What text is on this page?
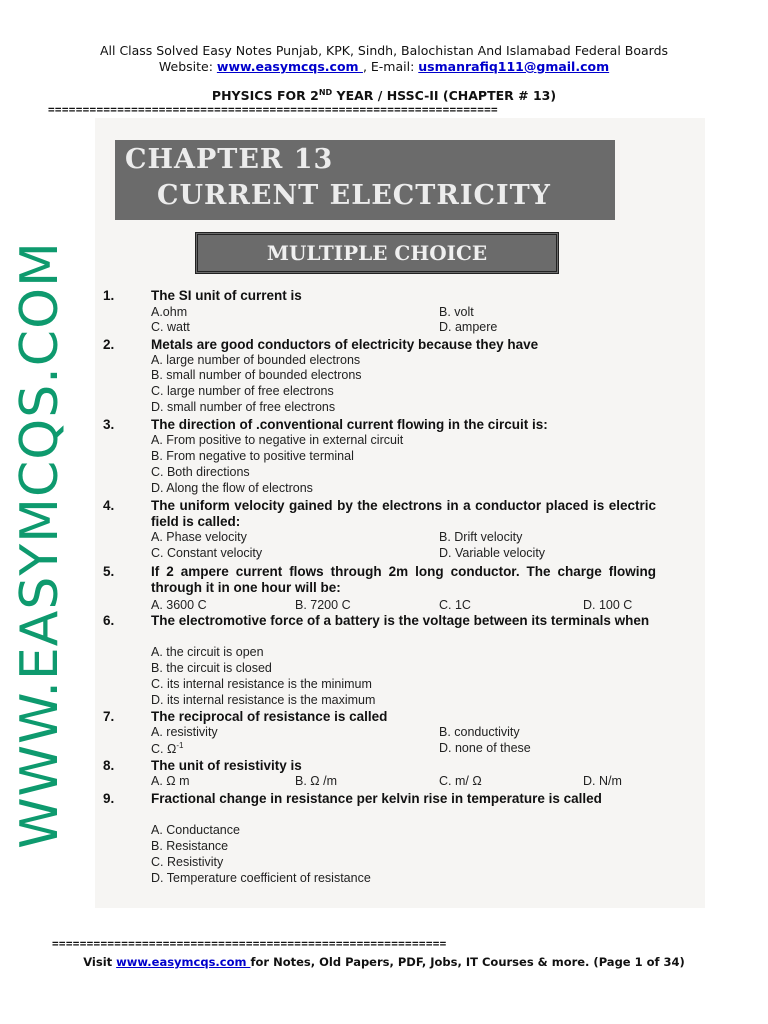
All Class Solved Easy Notes Punjab, KPK, Sindh, Balochistan And Islamabad Federal Boards
Website: www.easymcqs.com , E-mail: usmanrafiq111@gmail.com
PHYSICS FOR 2ND YEAR / HSSC-II (CHAPTER # 13)
=================================================================
CHAPTER 13
CURRENT ELECTRICITY
MULTIPLE CHOICE
WWW.EASYMCQS.COM 1.	The SI unit of current is
A.ohm	B. volt
C. watt	D. ampere
2.	Metals are good conductors of electricity because they have
A. large number of bounded electrons
B. small number of bounded electrons
C. large number of free electrons
D. small number of free electrons
3.	The direction of .conventional current flowing in the circuit is:
A. From positive to negative in external circuit
B. From negative to positive terminal
C. Both directions
D. Along the flow of electrons
4.	The uniform velocity gained by the electrons in a conductor placed is electric field is called:
A. Phase velocity	B. Drift velocity
C. Constant velocity	D. Variable velocity
5.	If 2 ampere current flows through 2m long conductor. The charge flowing through it in one hour will be:
A. 3600 C	B. 7200 C	C. 1C	D. 100 C
6.	The electromotive force of a battery is the voltage between its terminals when
A. the circuit is open
B. the circuit is closed
C. its internal resistance is the minimum
D. its internal resistance is the maximum
7.	The reciprocal of resistance is called
A. resistivity	B. conductivity
C. $\Omega^{-1}$	D. none of these
8.	The unit of resistivity is
A. Ω m	B. Ω /m	C. m/ Ω	D. N/m
9.	Fractional change in resistance per kelvin rise in temperature is called
A. Conductance
B. Resistance
C. Resistivity
D. Temperature coefficient of resistance
=========================================================
Visit www.easymcqs.com for Notes, Old Papers, PDF, Jobs, IT Courses & more. (Page 1 of 34)
